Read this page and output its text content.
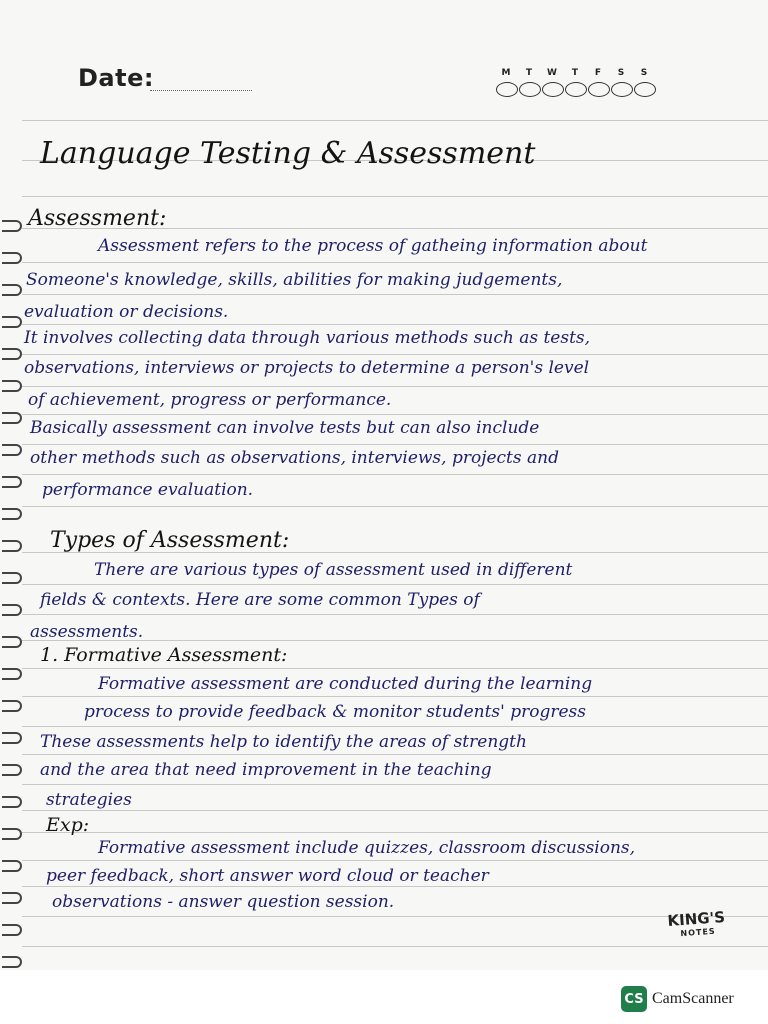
Date:	M	T	W	T	F	S	S
Language Testing & Assessment
Assessment:
Assessment refers to the process of gatheing information about
Someone's knowledge, skills, abilities for making judgements,
evaluation or decisions.
It involves collecting data through various methods such as tests,
observations, interviews or projects to determine a person's level
of achievement, progress or performance.
Basically assessment can involve tests but can also include
other methods such as observations, interviews, projects and
performance evaluation.
Types of Assessment:
There are various types of assessment used in different
fields & contexts. Here are some common Types of
assessments.
1. Formative Assessment:
Formative assessment are conducted during the learning
process to provide feedback & monitor students' progress
These assessments help to identify the areas of strength
and the area that need improvement in the teaching
strategies
Exp:
Formative assessment include quizzes, classroom discussions,
peer feedback, short answer word cloud or teacher
observations - answer question session.
KING'S
NOTES
CS CamScanner
